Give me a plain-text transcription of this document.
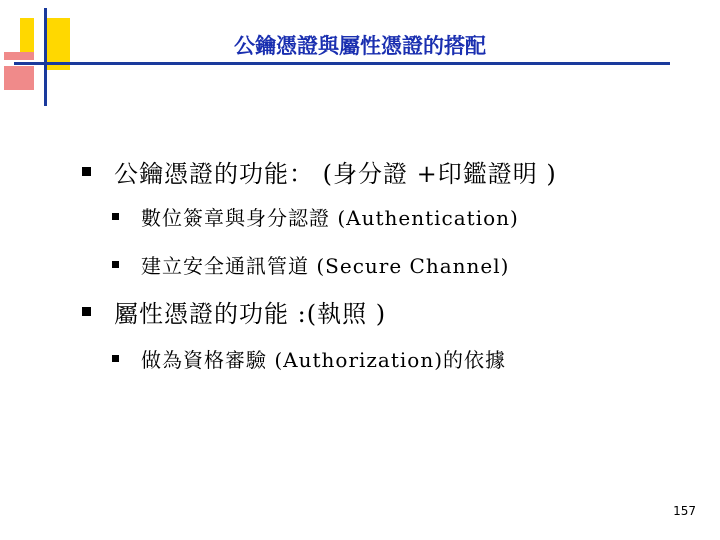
公鑰憑證與屬性憑證的搭配
公鑰憑證的功能： (身分證 +印鑑證明 )
數位簽章與身分認證 (Authentication)
建立安全通訊管道 (Secure Channel)
屬性憑證的功能 :(執照 )
做為資格審驗 (Authorization)的依據
157
